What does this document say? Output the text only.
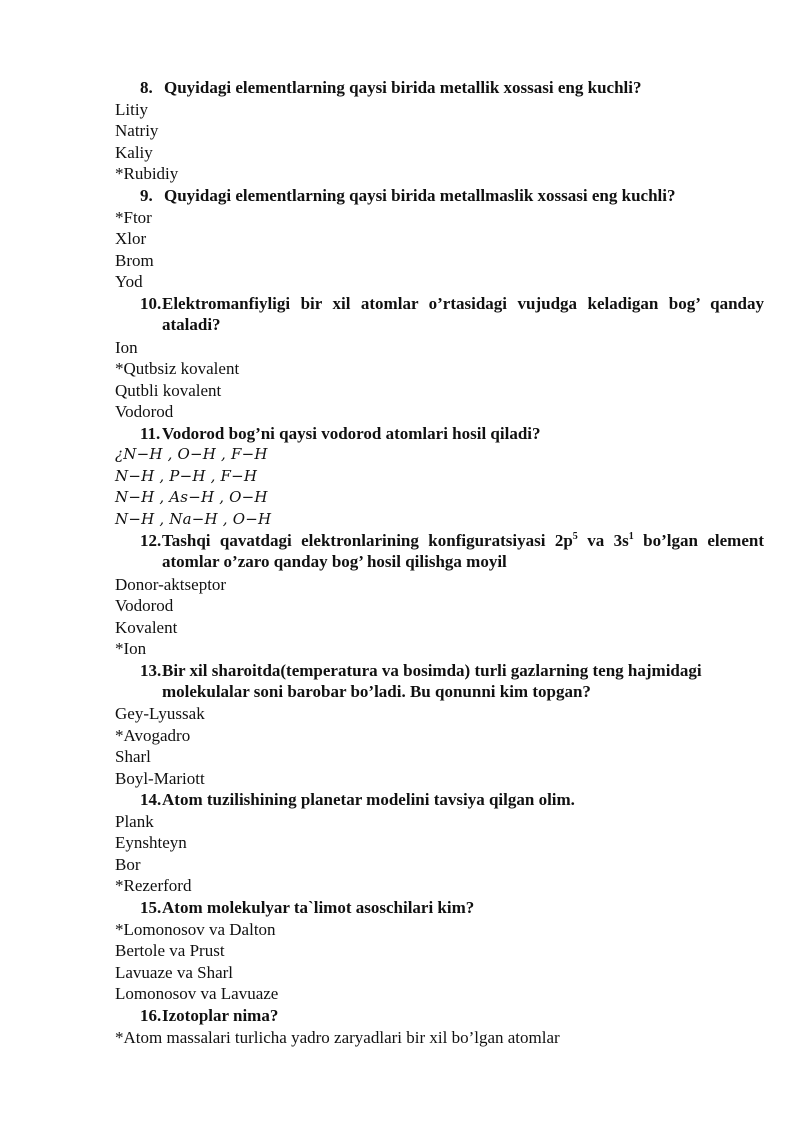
8. Quyidagi elementlarning qaysi birida metallik xossasi eng kuchli?
Litiy
Natriy
Kaliy
*Rubidiy
9. Quyidagi elementlarning qaysi birida metallmaslik xossasi eng kuchli?
*Ftor
Xlor
Brom
Yod
10.Elektromanfiyligi bir xil atomlar o’rtasidagi vujudga keladigan bog’ qanday ataladi?
Ion
*Qutbsiz kovalent
Qutbli kovalent
Vodorod
11.Vodorod bog’ni qaysi vodorod atomlari hosil qiladi?
¿N−H , O−H , F−H
N−H , P−H , F−H
N−H , As−H , O−H
N−H , Na−H , O−H
12.Tashqi qavatdagi elektronlarining konfiguratsiyasi $2p^5$ va $3s^1$ bo’lgan element atomlar o’zaro qanday bog’ hosil qilishga moyil
Donor-aktseptor
Vodorod
Kovalent
*Ion
13.Bir xil sharoitda(temperatura va bosimda) turli gazlarning teng hajmidagi molekulalar soni barobar bo’ladi. Bu qonunni kim topgan?
Gey-Lyussak
*Avogadro
Sharl
Boyl-Mariott
14.Atom tuzilishining planetar modelini tavsiya qilgan olim.
Plank
Eynshteyn
Bor
*Rezerford
15.Atom molekulyar ta`limot asoschilari kim?
*Lomonosov va Dalton
Bertole va Prust
Lavuaze va Sharl
Lomonosov va Lavuaze
16.Izotoplar nima?
*Atom massalari turlicha yadro zaryadlari bir xil bo’lgan atomlar
